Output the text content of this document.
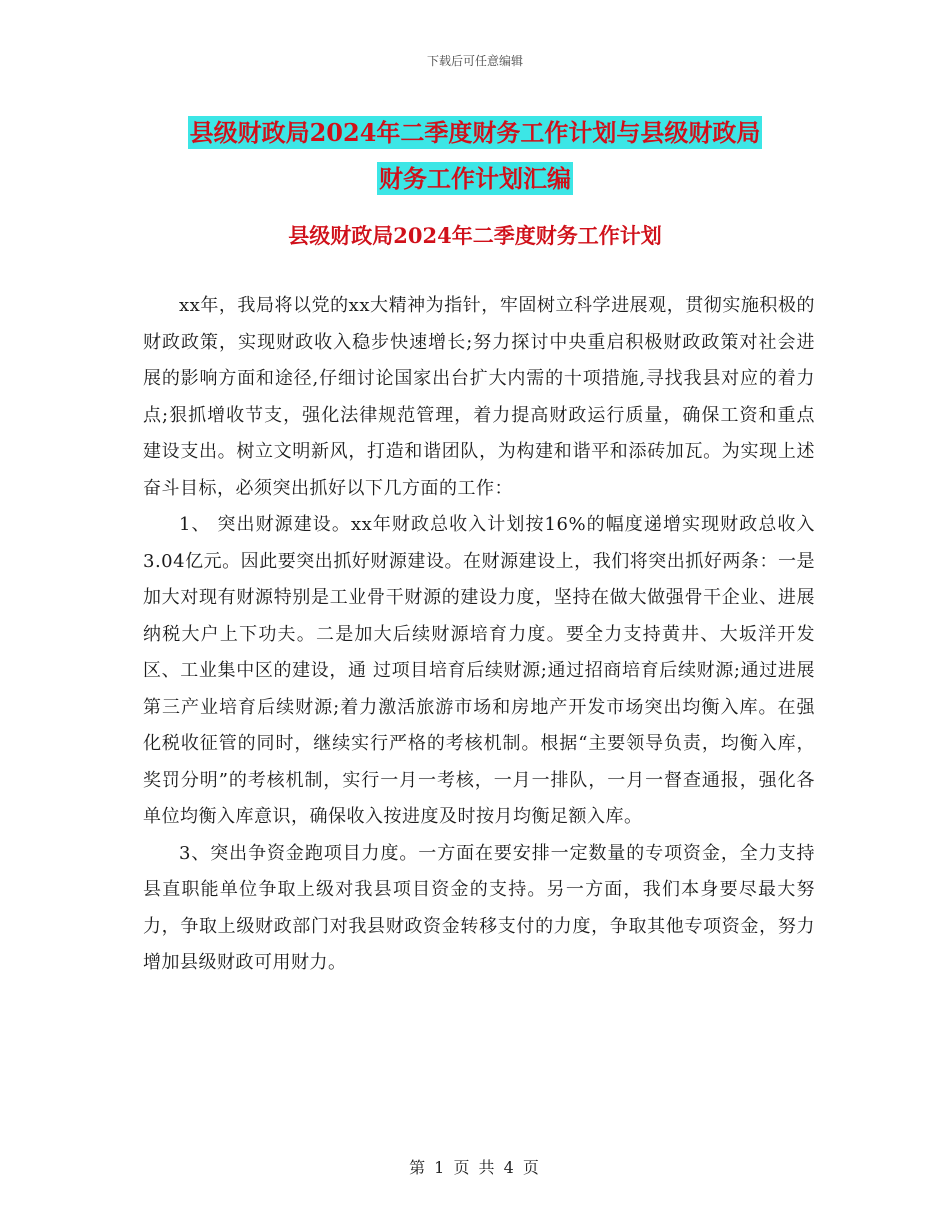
下载后可任意编辑
县级财政局2024年二季度财务工作计划与县级财政局
财务工作计划汇编
县级财政局2024年二季度财务工作计划

xx年，我局将以党的xx大精神为指针，牢固树立科学进展观，贯彻实施积极的财政政策，实现财政收入稳步快速增长;努力探讨中央重启积极财政政策对社会进展的影响方面和途径,仔细讨论国家出台扩大内需的十项措施,寻找我县对应的着力点;狠抓增收节支，强化法律规范管理，着力提高财政运行质量，确保工资和重点建设支出。树立文明新风，打造和谐团队，为构建和谐平和添砖加瓦。为实现上述奋斗目标，必须突出抓好以下几方面的工作：

1、 突出财源建设。xx年财政总收入计划按16%的幅度递增实现财政总收入3.04亿元。因此要突出抓好财源建设。在财源建设上，我们将突出抓好两条：一是加大对现有财源特别是工业骨干财源的建设力度，坚持在做大做强骨干企业、进展纳税大户上下功夫。二是加大后续财源培育力度。要全力支持黄井、大坂洋开发区、工业集中区的建设，通 过项目培育后续财源;通过招商培育后续财源;通过进展第三产业培育后续财源;着力激活旅游市场和房地产开发市场突出均衡入库。在强化税收征管的同时，继续实行严格的考核机制。根据“主要领导负责，均衡入库，奖罚分明”的考核机制，实行一月一考核，一月一排队，一月一督查通报，强化各单位均衡入库意识，确保收入按进度及时按月均衡足额入库。

3、突出争资金跑项目力度。一方面在要安排一定数量的专项资金，全力支持县直职能单位争取上级对我县项目资金的支持。另一方面，我们本身要尽最大努力，争取上级财政部门对我县财政资金转移支付的力度，争取其他专项资金，努力增加县级财政可用财力。

第 1 页 共 4 页
